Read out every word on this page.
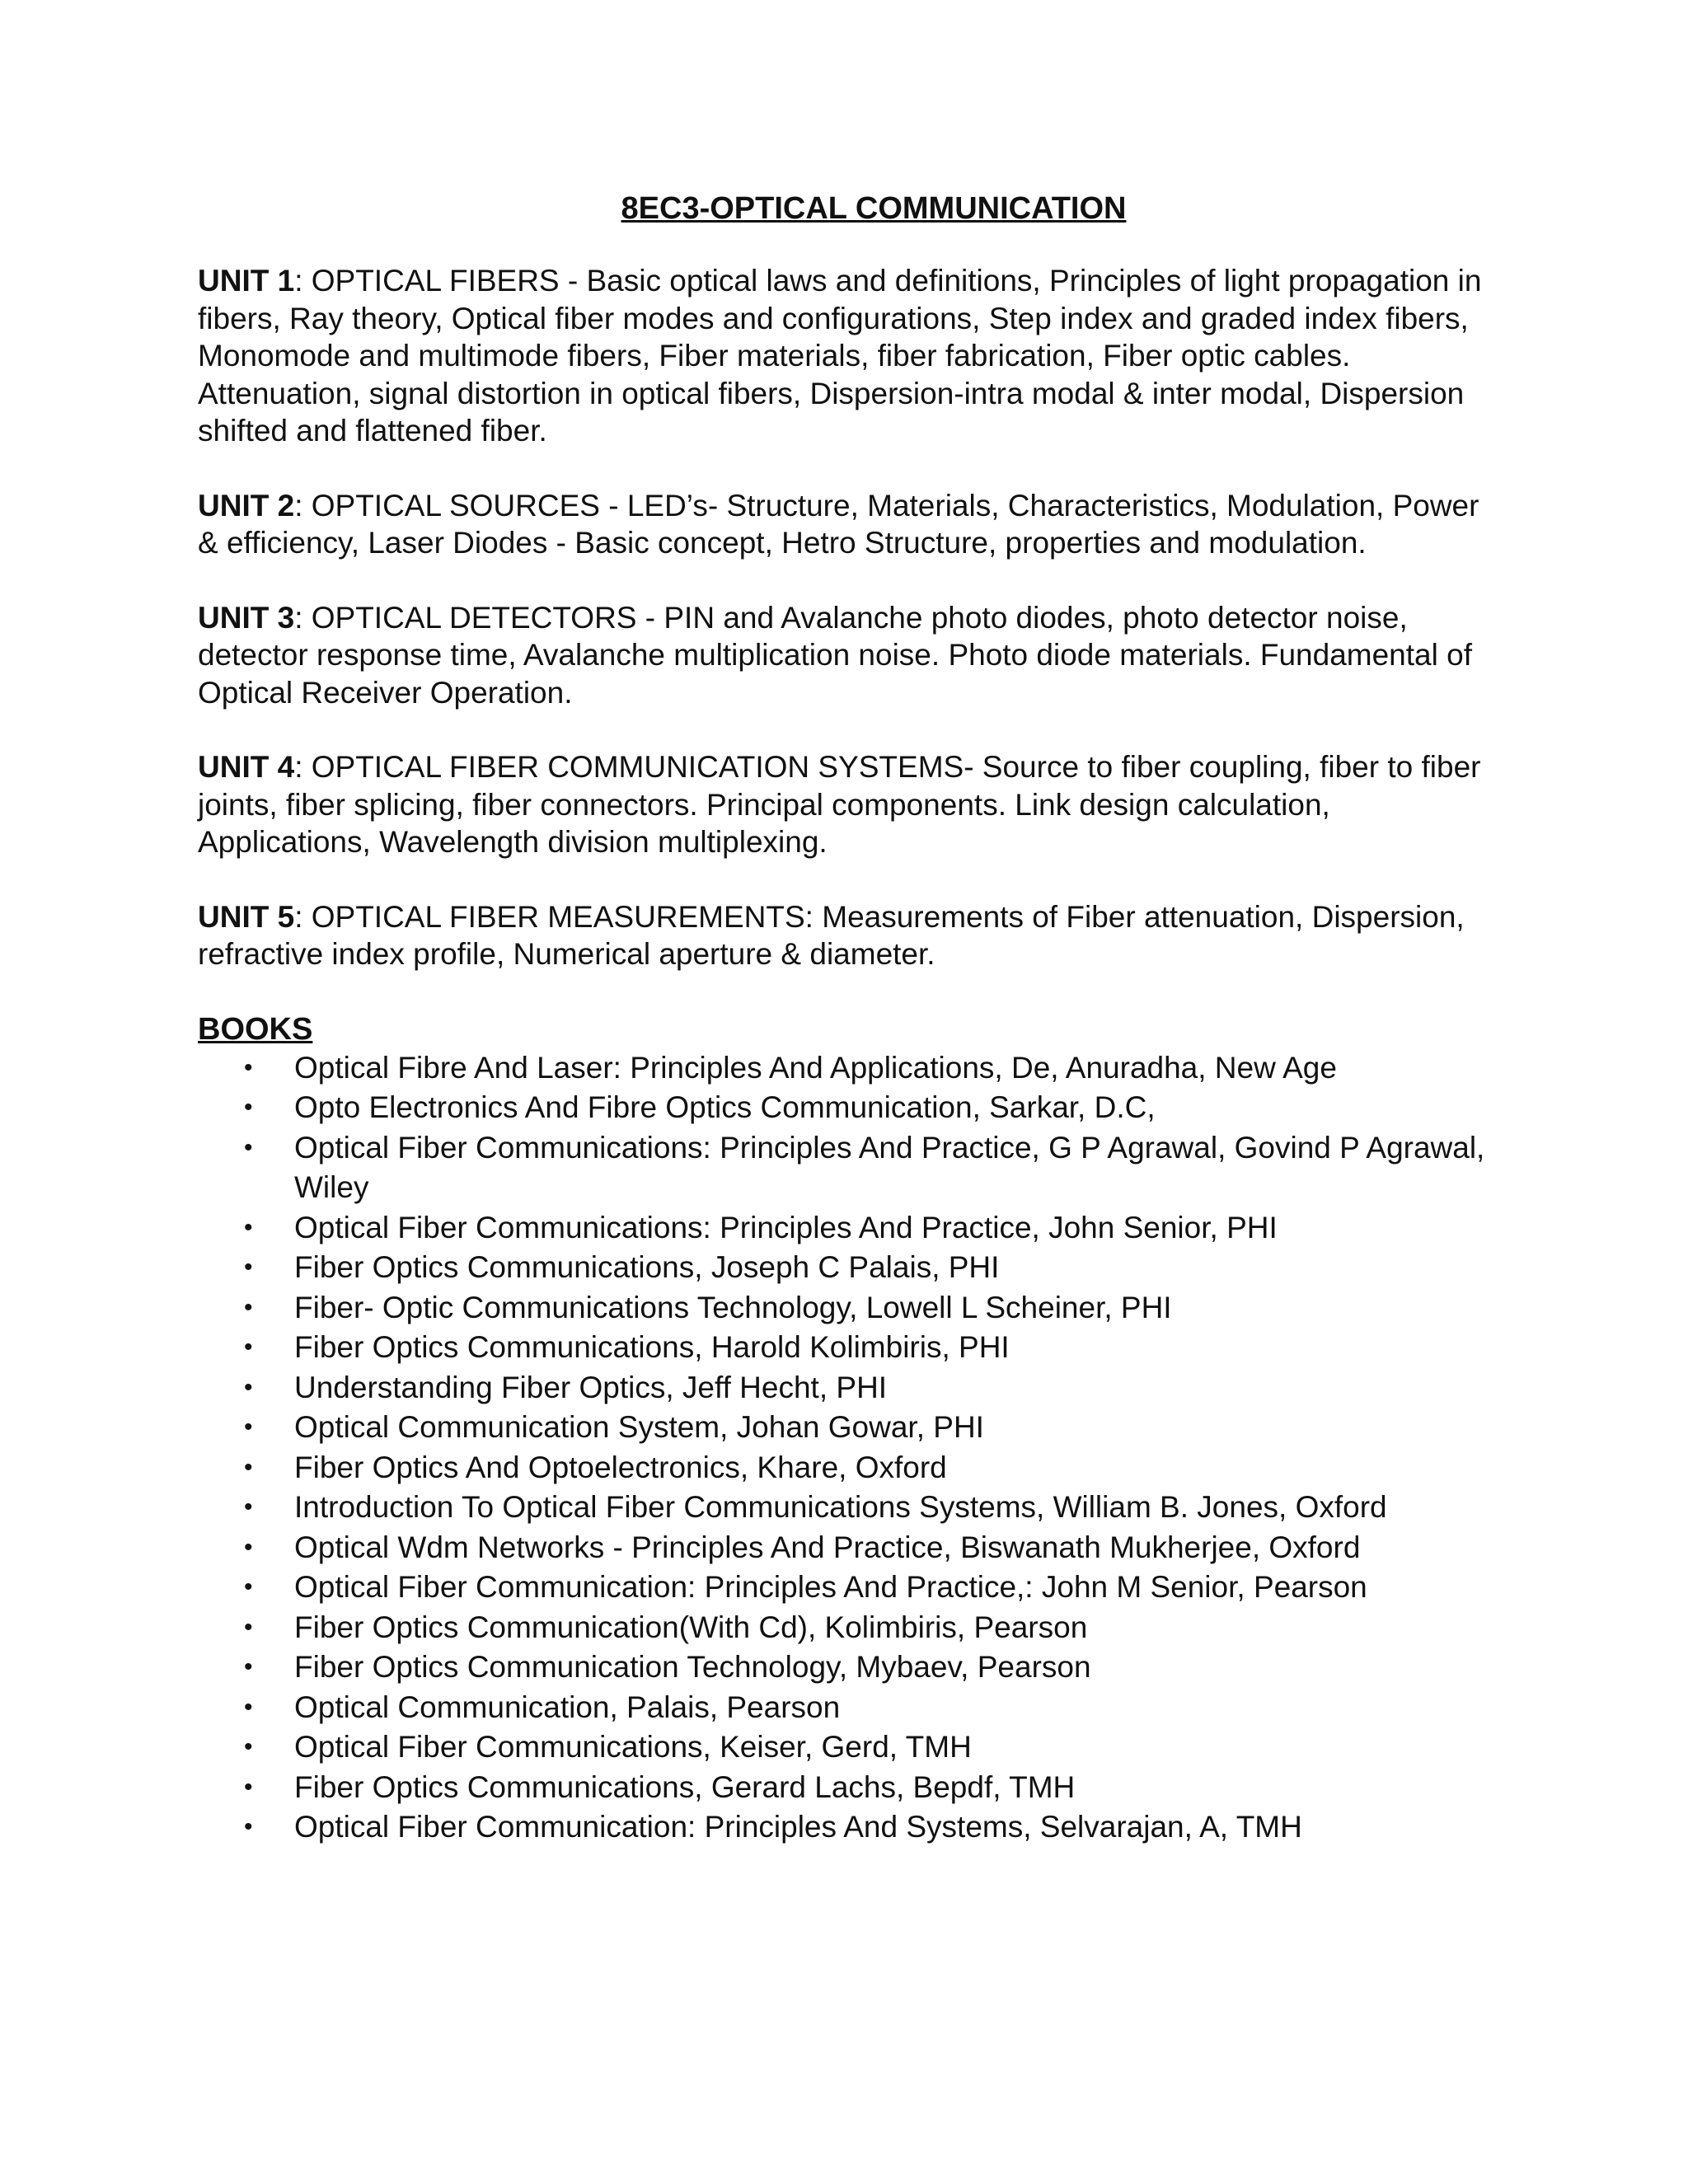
8EC3-OPTICAL COMMUNICATION
UNIT 1: OPTICAL FIBERS - Basic optical laws and definitions, Principles of light propagation in fibers, Ray theory, Optical fiber modes and configurations, Step index and graded index fibers, Monomode and multimode fibers, Fiber materials, fiber fabrication, Fiber optic cables. Attenuation, signal distortion in optical fibers, Dispersion-intra modal & inter modal, Dispersion shifted and flattened fiber.
UNIT 2: OPTICAL SOURCES - LED’s- Structure, Materials, Characteristics, Modulation, Power & efficiency, Laser Diodes - Basic concept, Hetro Structure, properties and modulation.
UNIT 3: OPTICAL DETECTORS - PIN and Avalanche photo diodes, photo detector noise, detector response time, Avalanche multiplication noise. Photo diode materials. Fundamental of Optical Receiver Operation.
UNIT 4: OPTICAL FIBER COMMUNICATION SYSTEMS- Source to fiber coupling, fiber to fiber joints, fiber splicing, fiber connectors. Principal components. Link design calculation, Applications, Wavelength division multiplexing.
UNIT 5: OPTICAL FIBER MEASUREMENTS: Measurements of Fiber attenuation, Dispersion, refractive index profile, Numerical aperture & diameter.
BOOKS
• Optical Fibre And Laser: Principles And Applications, De, Anuradha, New Age
• Opto Electronics And Fibre Optics Communication, Sarkar, D.C,
• Optical Fiber Communications: Principles And Practice, G P Agrawal, Govind P Agrawal, Wiley
• Optical Fiber Communications: Principles And Practice, John Senior, PHI
• Fiber Optics Communications, Joseph C Palais, PHI
• Fiber- Optic Communications Technology, Lowell L Scheiner, PHI
• Fiber Optics Communications, Harold Kolimbiris, PHI
• Understanding Fiber Optics, Jeff Hecht, PHI
• Optical Communication System, Johan Gowar, PHI
• Fiber Optics And Optoelectronics, Khare, Oxford
• Introduction To Optical Fiber Communications Systems, William B. Jones, Oxford
• Optical Wdm Networks - Principles And Practice, Biswanath Mukherjee, Oxford
• Optical Fiber Communication: Principles And Practice,: John M Senior, Pearson
• Fiber Optics Communication(With Cd), Kolimbiris, Pearson
• Fiber Optics Communication Technology, Mybaev, Pearson
• Optical Communication, Palais, Pearson
• Optical Fiber Communications, Keiser, Gerd, TMH
• Fiber Optics Communications, Gerard Lachs, Bepdf, TMH
• Optical Fiber Communication: Principles And Systems, Selvarajan, A, TMH
